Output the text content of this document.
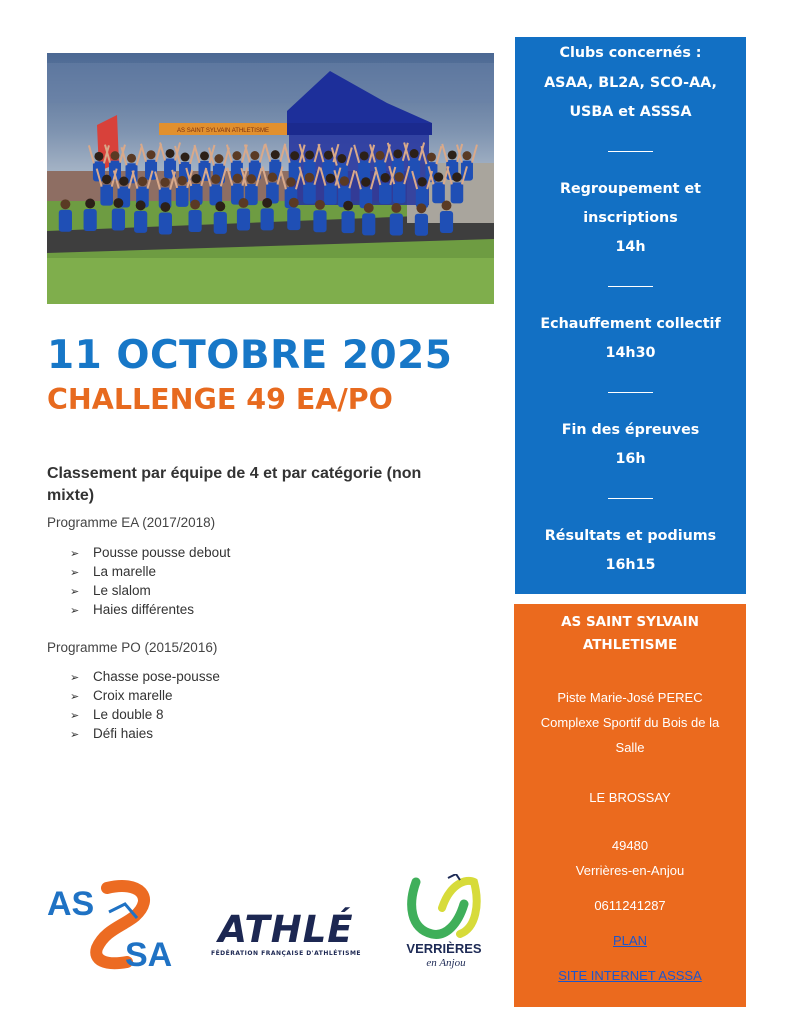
AS SAINT SYLVAIN ATHLETISME
11 OCTOBRE 2025
CHALLENGE 49 EA/PO
Classement par équipe de 4 et par catégorie (non mixte)
Programme EA (2017/2018)
➢ Pousse pousse debout
➢ La marelle
➢ Le slalom
➢ Haies différentes
Programme PO (2015/2016)
➢ Chasse pose-pousse
➢ Croix marelle
➢ Le double 8
➢ Défi haies
Clubs concernés :
ASAA, BL2A, SCO-AA,
USBA et ASSSA
Regroupement et
inscriptions
14h
Echauffement collectif
14h30
Fin des épreuves
16h
Résultats et podiums
16h15
AS SAINT SYLVAIN
ATHLETISME
Piste Marie-José PEREC
Complexe Sportif du Bois de la
Salle
LE BROSSAY
49480
Verrières-en-Anjou
0611241287
PLAN
SITE INTERNET ASSSA
AS
SA
ATHLÉ
FÉDÉRATION FRANÇAISE D'ATHLÉTISME	VERRIÈRES
en Anjou
